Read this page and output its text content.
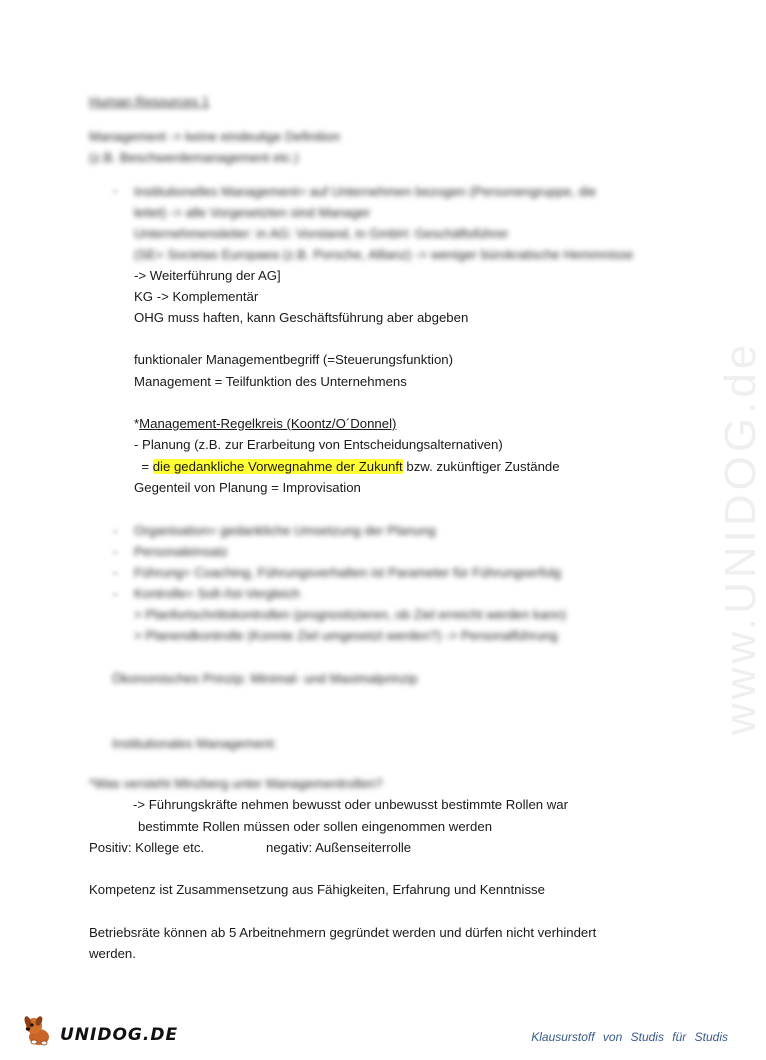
www.UNIDOG.de
Human Resources 1
Management -> keine eindeutige Definition
(z.B. Beschwerdemanagement etc.)
- Institutionelles Management= auf Unternehmen bezogen (Personengruppe, die
leitet) -> alle Vorgesetzten sind Manager
Unternehmensleiter: in AG: Vorstand, in GmbH: Geschäftsführer
(SE= Societas Europaea (z.B. Porsche, Allianz) -> weniger bürokratische Hemmnisse
-> Weiterführung der AG]
KG -> Komplementär
OHG muss haften, kann Geschäftsführung aber abgeben
funktionaler Managementbegriff (=Steuerungsfunktion)
Management = Teilfunktion des Unternehmens
*Management-Regelkreis (Koontz/O´Donnel)
- Planung (z.B. zur Erarbeitung von Entscheidungsalternativen)
= die gedankliche Vorwegnahme der Zukunft bzw. zukünftiger Zustände
Gegenteil von Planung = Improvisation
- Organisation= gedankliche Umsetzung der Planung
- Personaleinsatz
- Führung= Coaching, Führungsverhalten ist Parameter für Führungserfolg
- Kontrolle= Soll-/Ist-Vergleich
> Planfortschrittskontrollen (prognostizieren, ob Ziel erreicht werden kann)
> Planendkontrolle (Konnte Ziel umgesetzt werden?) -> Personalführung
Ökonomisches Prinzip: Minimal- und Maximalprinzip
Institutionales Management:
*Was versteht Minzberg unter Managementrollen?
-> Führungskräfte nehmen bewusst oder unbewusst bestimmte Rollen war
bestimmte Rollen müssen oder sollen eingenommen werden
Positiv: Kollege etc.	negativ: Außenseiterrolle
Kompetenz ist Zusammensetzung aus Fähigkeiten, Erfahrung und Kenntnisse
Betriebsräte können ab 5 Arbeitnehmern gegründet werden und dürfen nicht verhindert
werden.
UNIDOG.DE	Klausurstoff von Studis für Studis
